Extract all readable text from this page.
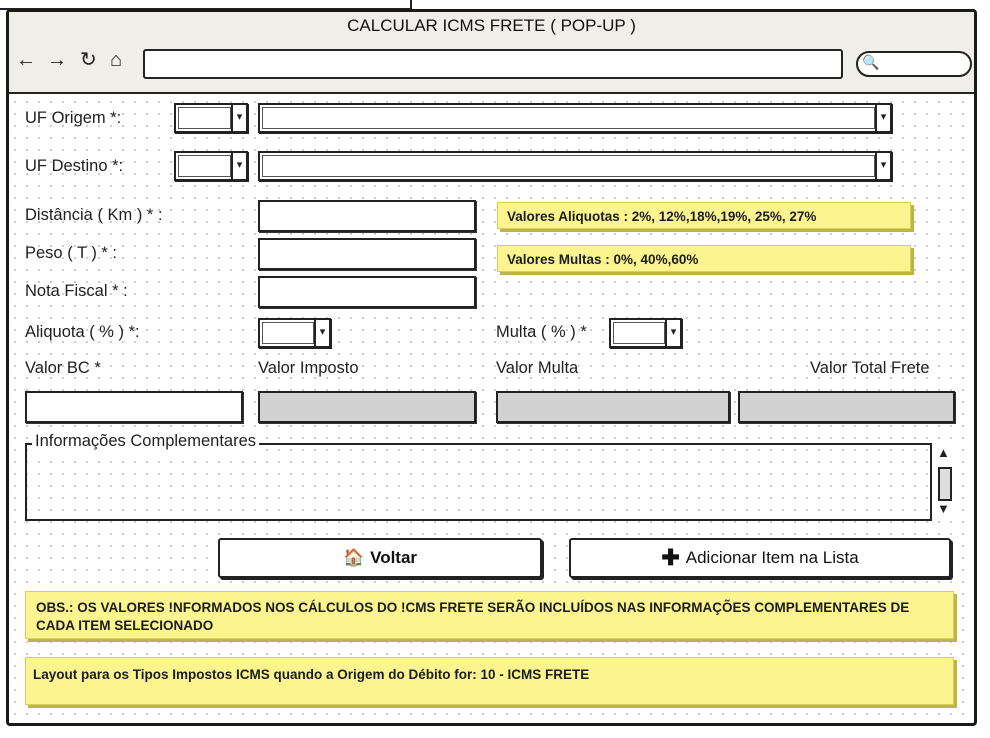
CALCULAR ICMS FRETE ( POP-UP )
← → ↻ ⌂	🔍
UF Origem *:	▾	▾
UF Destino *:	▾	▾
Distância ( Km ) * :
Peso ( T ) * :
Nota Fiscal * :
Valores Aliquotas : 2%, 12%,18%,19%, 25%, 27%
Valores Multas : 0%, 40%,60%
Aliquota ( % ) *:	▾	Multa ( % ) *	▾
Valor BC *	Valor Imposto	Valor Multa	Valor Total Frete
Informações Complementares
▲
▼
🏠 Voltar	✚ Adicionar Item na Lista
OBS.: OS VALORES !NFORMADOS NOS CÁLCULOS DO !CMS FRETE SERÃO INCLUÍDOS NAS INFORMAÇÕES COMPLEMENTARES DE CADA ITEM SELECIONADO
Layout para os Tipos Impostos ICMS quando a Origem do Débito for: 10 - ICMS FRETE
